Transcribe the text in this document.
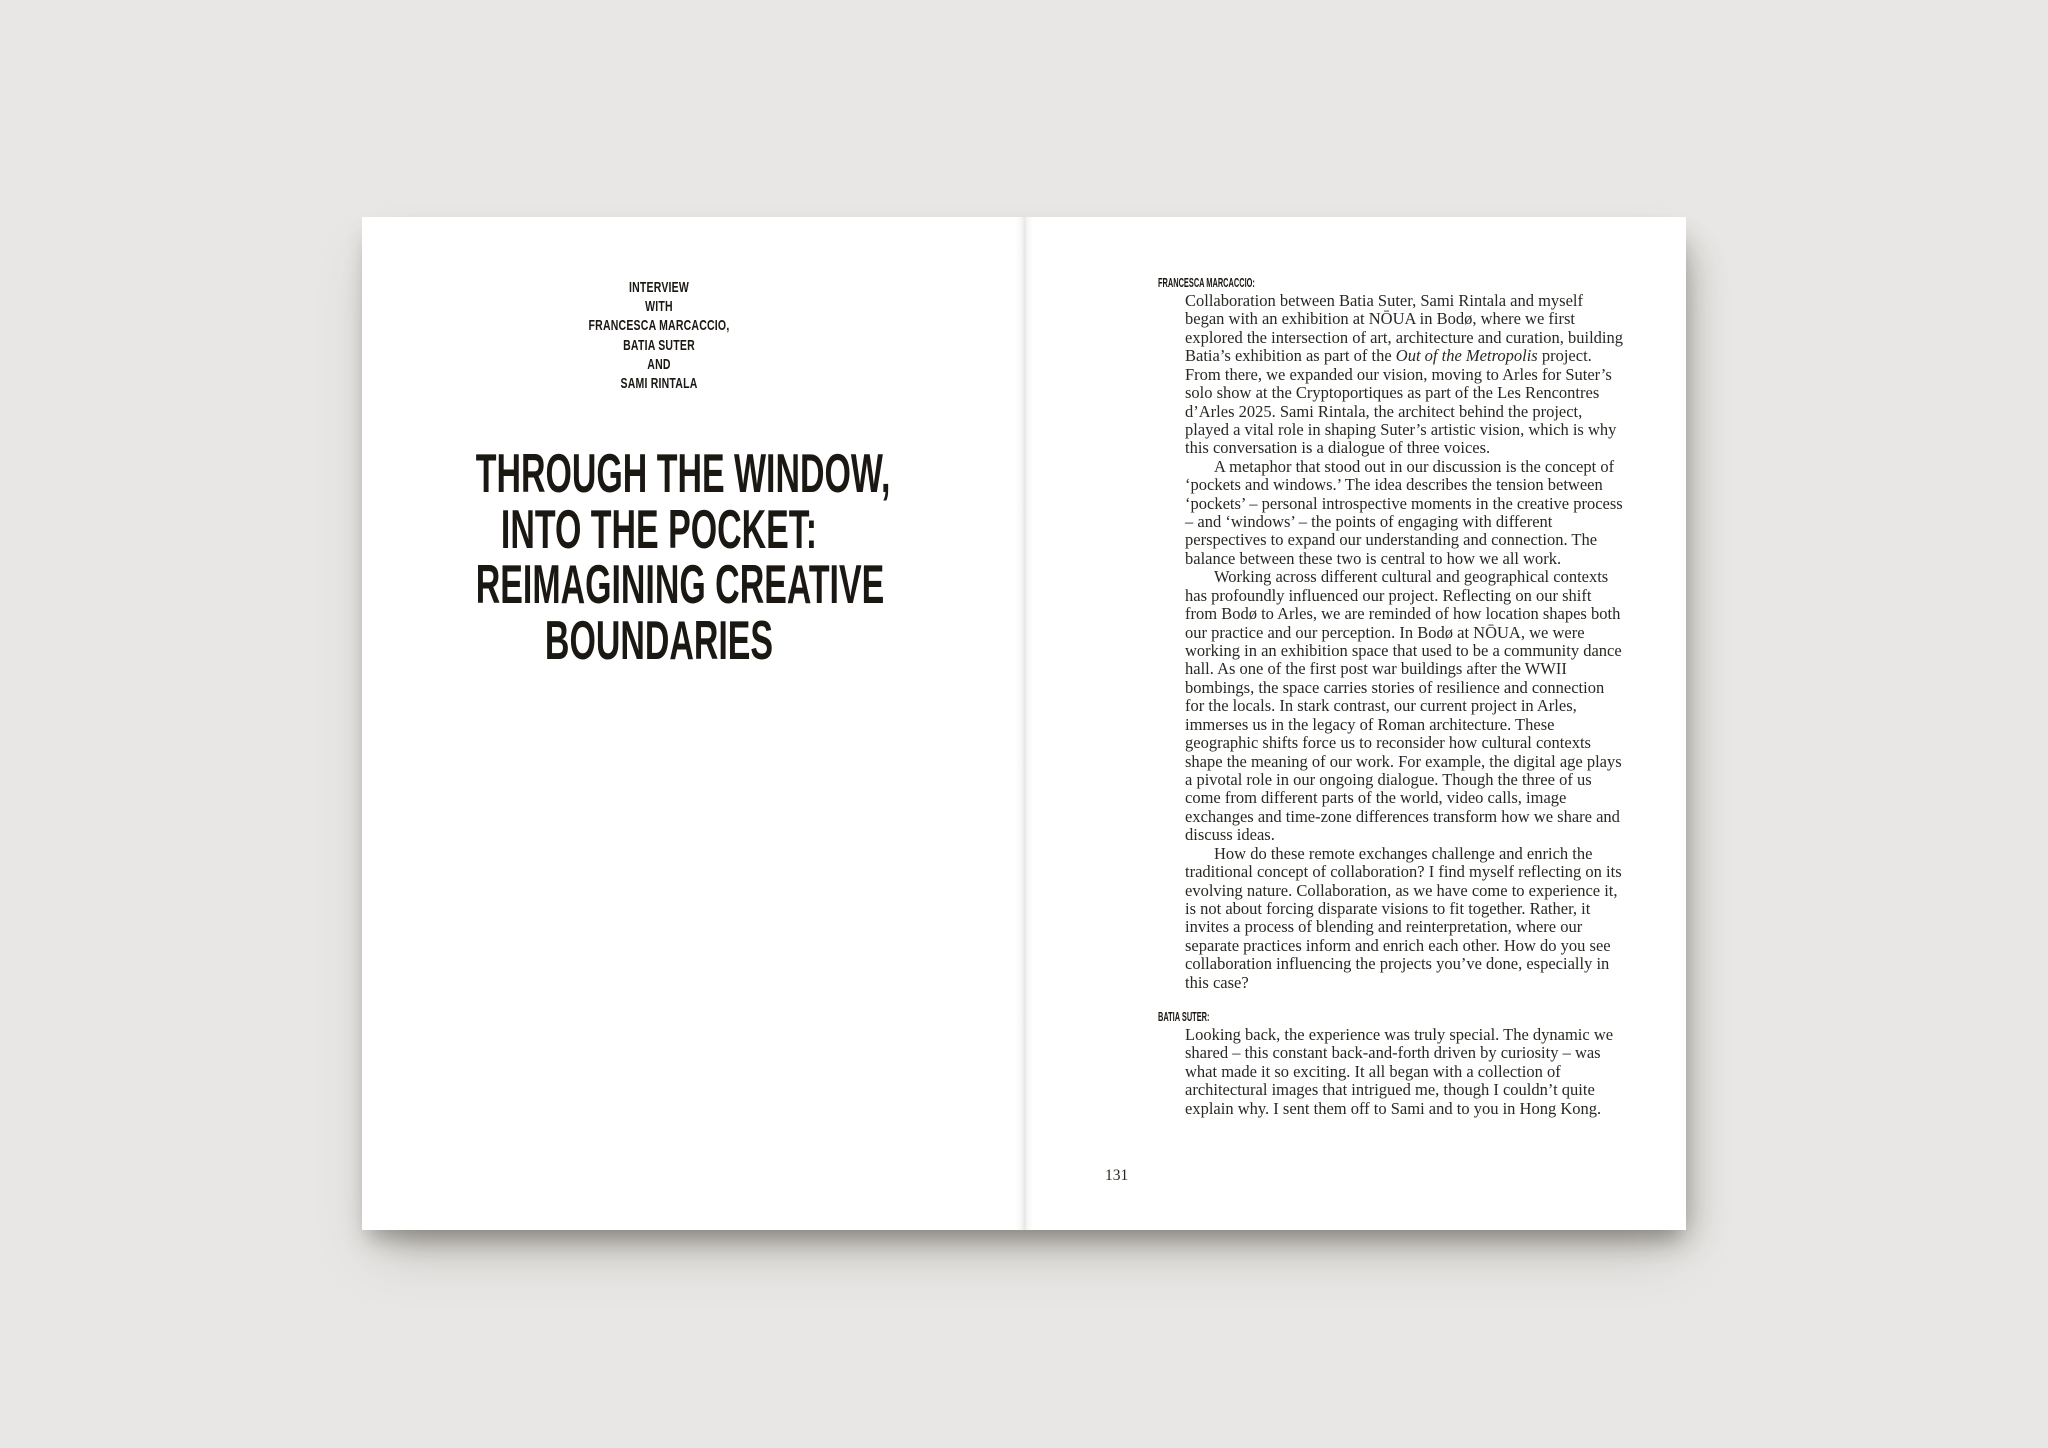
INTERVIEW
WITH
FRANCESCA MARCACCIO,
BATIA SUTER
AND
SAMI RINTALA
THROUGH THE WINDOW,
INTO THE POCKET:
REIMAGINING CREATIVE
BOUNDARIES
FRANCESCA MARCACCIO:

Collaboration between Batia Suter, Sami Rintala and myself began with an exhibition at NŌUA in Bodø, where we first explored the intersection of art, architecture and curation, building Batia’s exhibition as part of the Out of the Metropolis project. From there, we expanded our vision, moving to Arles for Suter’s solo show at the Cryptoportiques as part of the Les Rencontres d’Arles 2025. Sami Rintala, the architect behind the project, played a vital role in shaping Suter’s artistic vision, which is why this conversation is a dialogue of three voices.

A metaphor that stood out in our discussion is the concept of ‘pockets and windows.’ The idea describes the tension between ‘pockets’ – personal introspective moments in the creative process – and ‘windows’ – the points of engaging with different perspectives to expand our understanding and connection. The balance between these two is central to how we all work.

Working across different cultural and geographical contexts has profoundly influenced our project. Reflecting on our shift from Bodø to Arles, we are reminded of how location shapes both our practice and our perception. In Bodø at NŌUA, we were working in an exhibition space that used to be a community dance hall. As one of the first post war buildings after the WWII bombings, the space carries stories of resilience and connection for the locals. In stark contrast, our current project in Arles, immerses us in the legacy of Roman architecture. These geographic shifts force us to reconsider how cultural contexts shape the meaning of our work. For example, the digital age plays a pivotal role in our ongoing dialogue. Though the three of us come from different parts of the world, video calls, image exchanges and time-zone differences transform how we share and discuss ideas.

How do these remote exchanges challenge and enrich the traditional concept of collaboration? I find myself reflecting on its evolving nature. Collaboration, as we have come to experience it, is not about forcing disparate visions to fit together. Rather, it invites a process of blending and reinterpretation, where our separate practices inform and enrich each other. How do you see collaboration influencing the projects you’ve done, especially in this case?

BATIA SUTER:

Looking back, the experience was truly special. The dynamic we shared – this constant back-and-forth driven by curiosity – was what made it so exciting. It all began with a collection of architectural images that intrigued me, though I couldn’t quite explain why. I sent them off to Sami and to you in Hong Kong.

131
